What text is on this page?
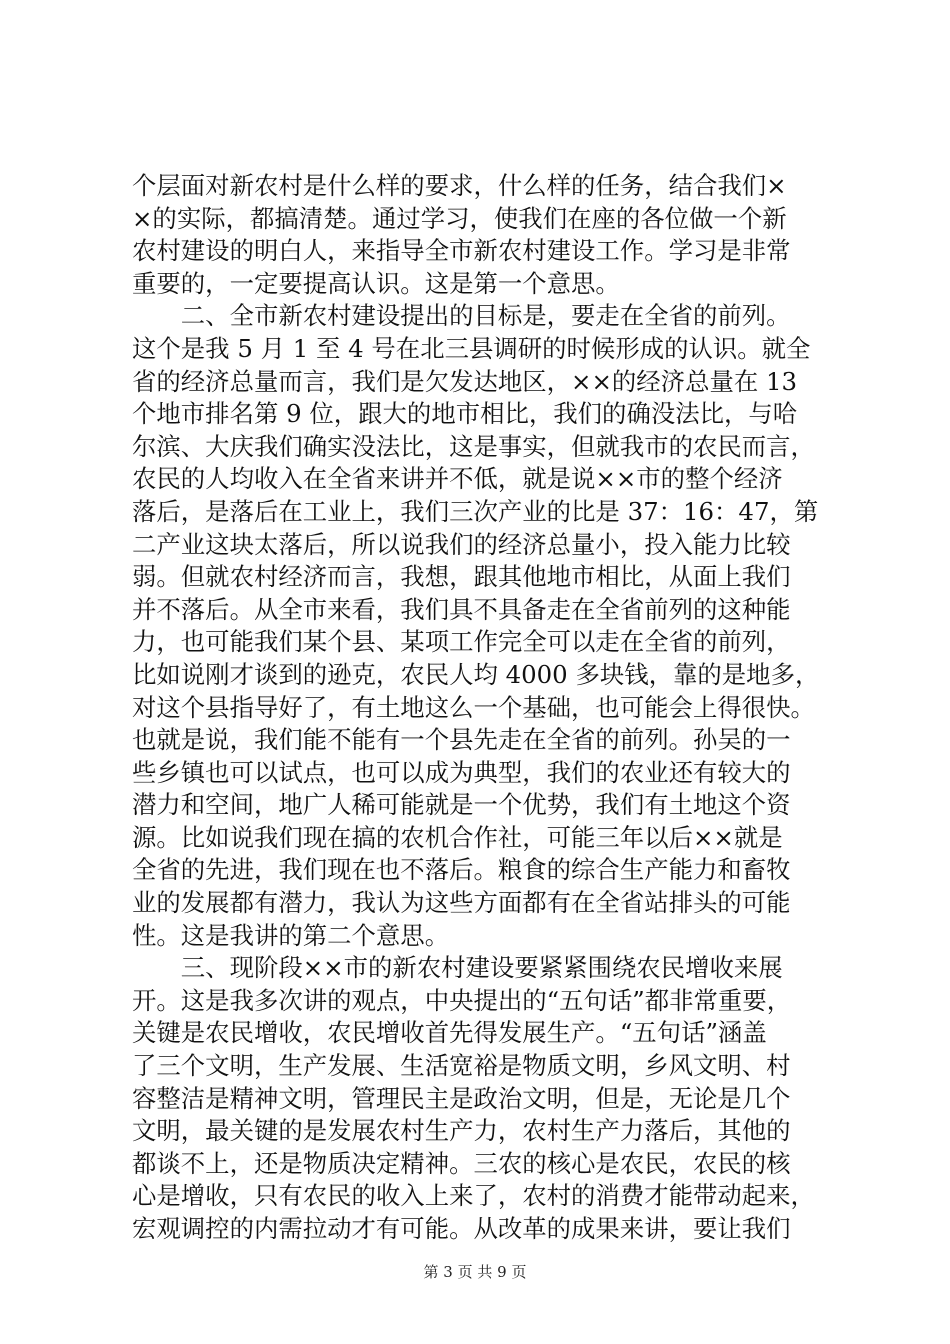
个层面对新农村是什么样的要求，什么样的任务，结合我们×
×的实际，都搞清楚。通过学习，使我们在座的各位做一个新
农村建设的明白人，来指导全市新农村建设工作。学习是非常
重要的，一定要提高认识。这是第一个意思。
　　二、全市新农村建设提出的目标是，要走在全省的前列。
这个是我 5 月 1 至 4 号在北三县调研的时候形成的认识。就全
省的经济总量而言，我们是欠发达地区，××的经济总量在 13
个地市排名第 9 位，跟大的地市相比，我们的确没法比，与哈
尔滨、大庆我们确实没法比，这是事实，但就我市的农民而言，
农民的人均收入在全省来讲并不低，就是说××市的整个经济
落后，是落后在工业上，我们三次产业的比是 37：16：47，第
二产业这块太落后，所以说我们的经济总量小，投入能力比较
弱。但就农村经济而言，我想，跟其他地市相比，从面上我们
并不落后。从全市来看，我们具不具备走在全省前列的这种能
力，也可能我们某个县、某项工作完全可以走在全省的前列，
比如说刚才谈到的逊克，农民人均 4000 多块钱，靠的是地多，
对这个县指导好了，有土地这么一个基础，也可能会上得很快。
也就是说，我们能不能有一个县先走在全省的前列。孙吴的一
些乡镇也可以试点，也可以成为典型，我们的农业还有较大的
潜力和空间，地广人稀可能就是一个优势，我们有土地这个资
源。比如说我们现在搞的农机合作社，可能三年以后××就是
全省的先进，我们现在也不落后。粮食的综合生产能力和畜牧
业的发展都有潜力，我认为这些方面都有在全省站排头的可能
性。这是我讲的第二个意思。
　　三、现阶段××市的新农村建设要紧紧围绕农民增收来展
开。这是我多次讲的观点，中央提出的“五句话”都非常重要，
关键是农民增收，农民增收首先得发展生产。“五句话”涵盖
了三个文明，生产发展、生活宽裕是物质文明，乡风文明、村
容整洁是精神文明，管理民主是政治文明，但是，无论是几个
文明，最关键的是发展农村生产力，农村生产力落后，其他的
都谈不上，还是物质决定精神。三农的核心是农民，农民的核
心是增收，只有农民的收入上来了，农村的消费才能带动起来，
宏观调控的内需拉动才有可能。从改革的成果来讲，要让我们
第 3 页 共 9 页
